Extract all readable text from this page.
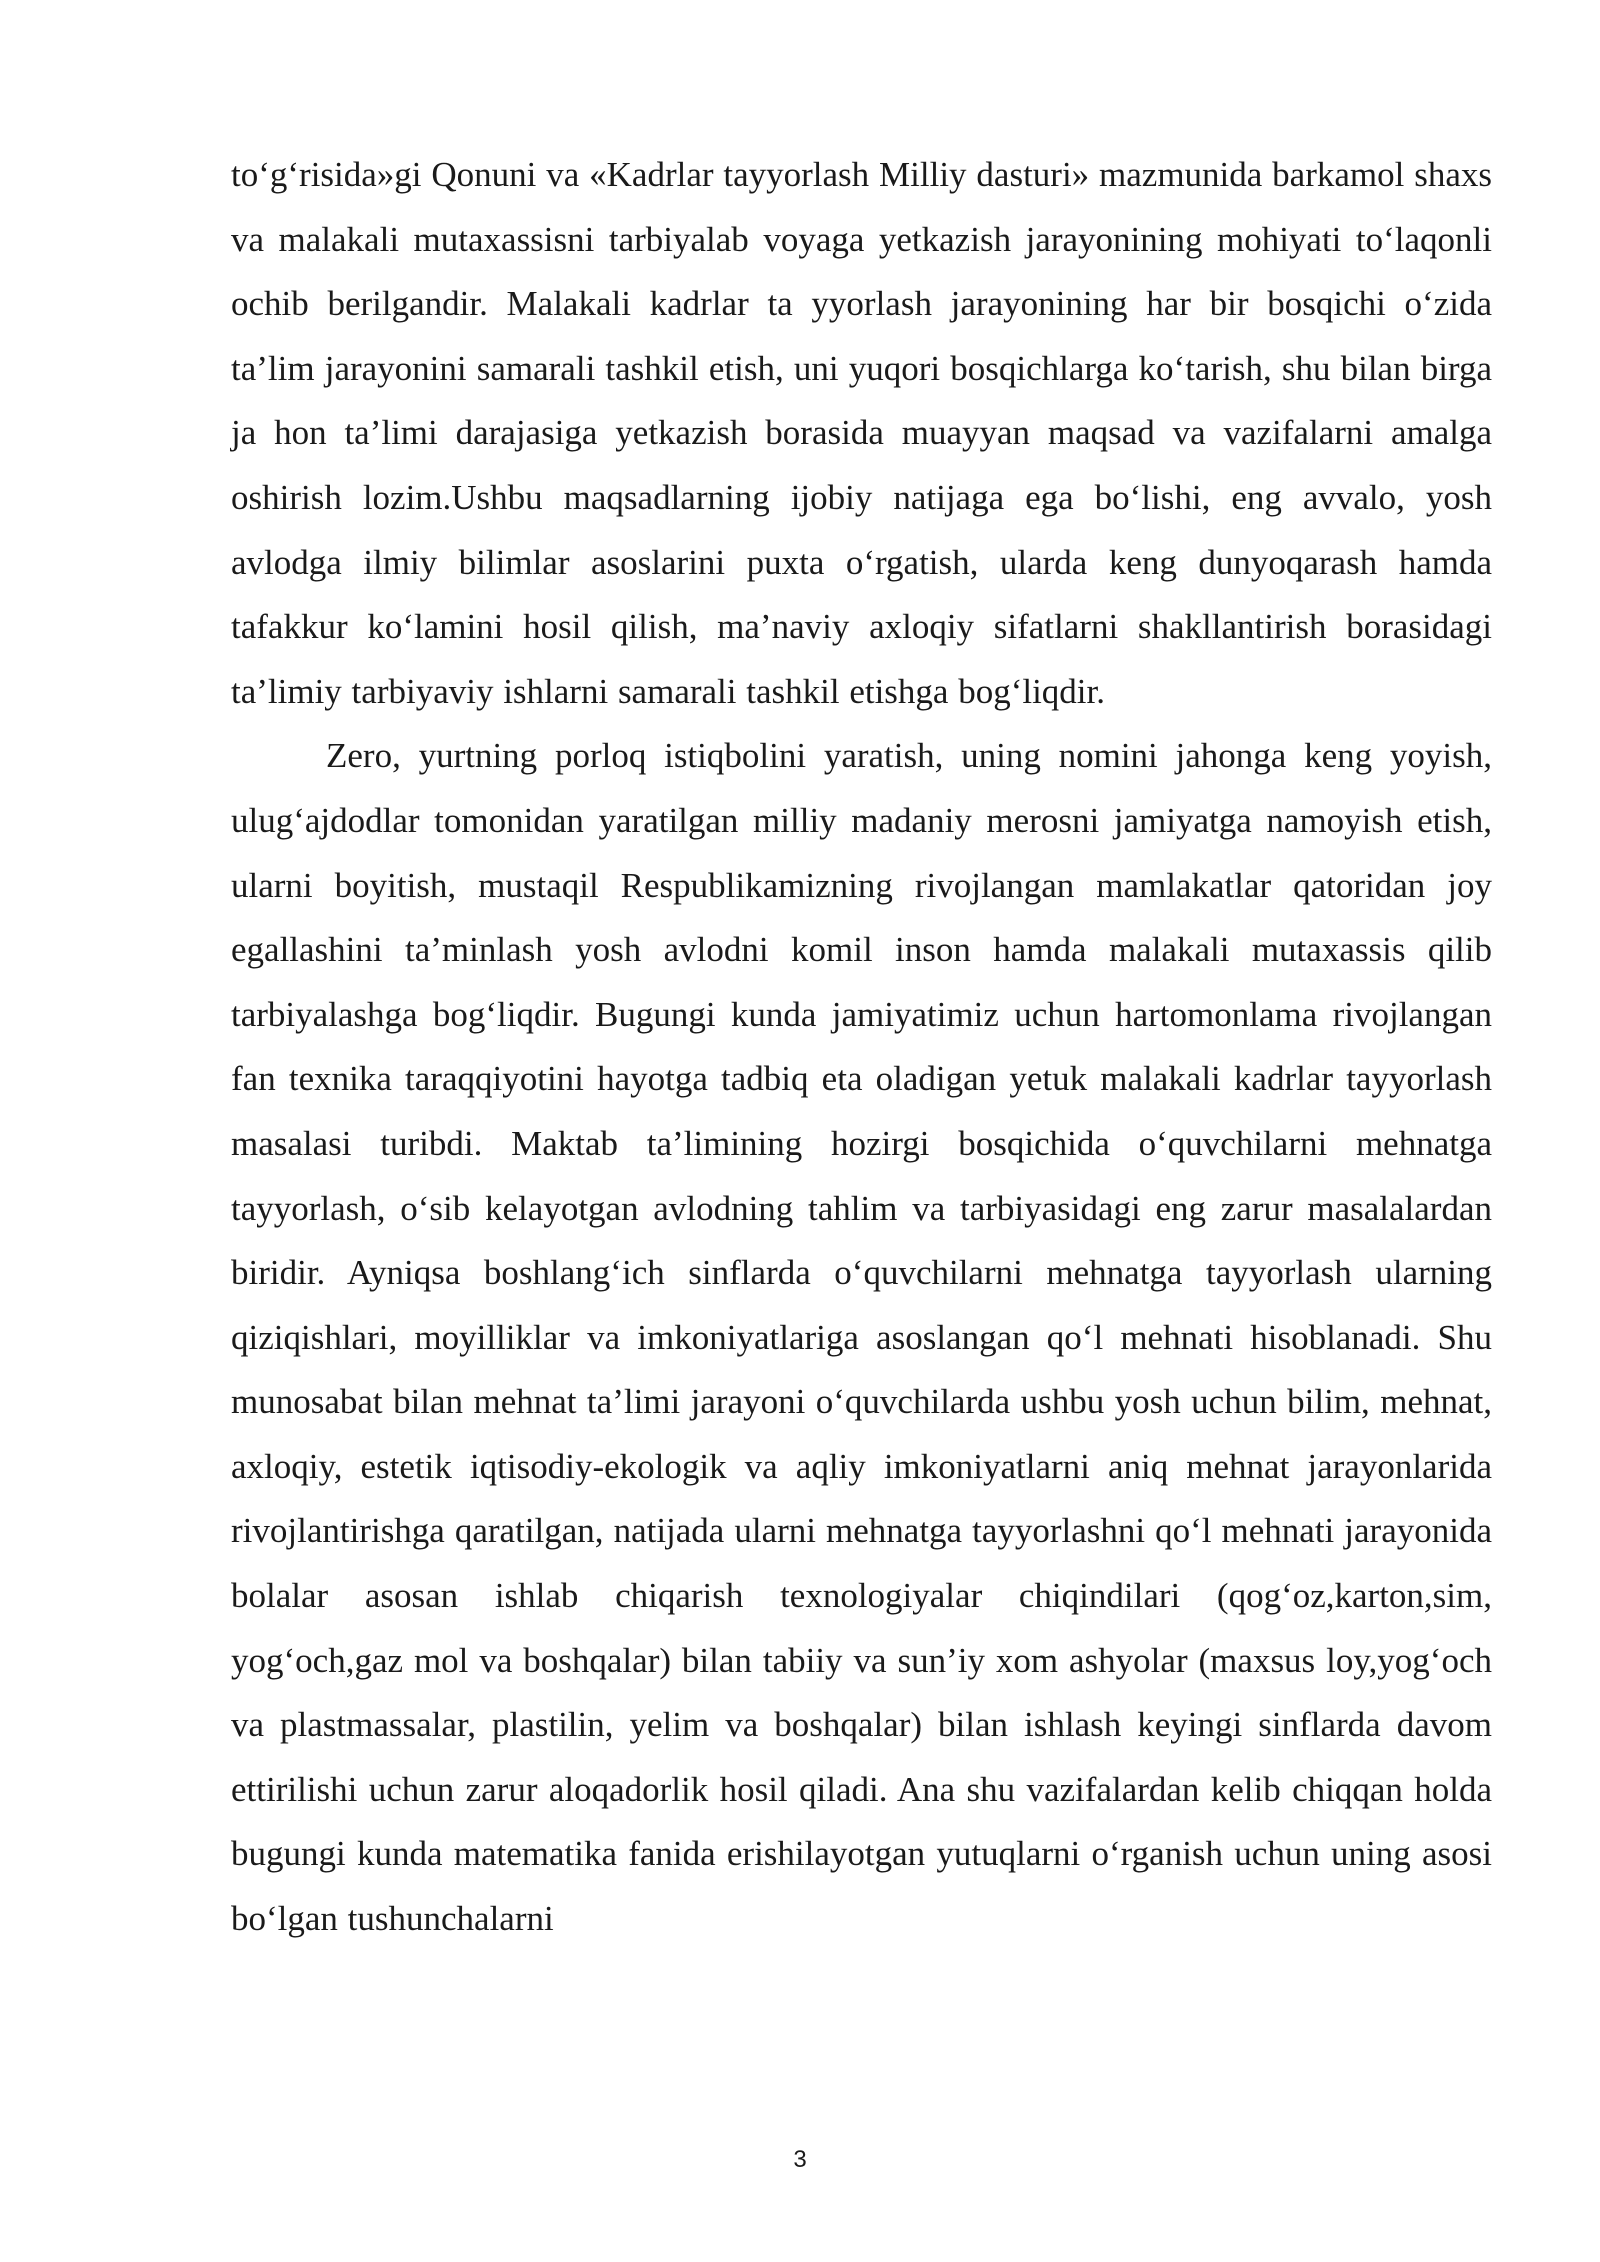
to‘g‘risida»gi Qonuni va «Kadrlar tayyorlash Milliy dasturi» mazmunida barkamol shaxs va malakali mutaxassisni tarbiyalab voyaga yetkazish jarayonining mohiyati to‘laqonli ochib berilgandir. Malakali kadrlar ta yyorlash jarayonining har bir bosqichi o‘zida ta’lim jarayonini samarali tashkil etish, uni yuqori bosqichlarga ko‘tarish, shu bilan birga ja hon ta’limi darajasiga yetkazish borasida muayyan maqsad va vazifalarni amalga oshirish lozim.Ushbu maqsadlarning ijobiy natijaga ega bo‘lishi, eng avvalo, yosh avlodga ilmiy bilimlar asoslarini puxta o‘rgatish, ularda keng dunyoqarash hamda tafakkur ko‘lamini hosil qilish, ma’naviy axloqiy sifatlarni shakllantirish borasidagi ta’limiy tarbiyaviy ishlarni samarali tashkil etishga bog‘liqdir.

Zero, yurtning porloq istiqbolini yaratish, uning nomini jahonga keng yoyish, ulug‘ajdodlar tomonidan yaratilgan milliy madaniy merosni jamiyatga namoyish etish, ularni boyitish, mustaqil Respublikamizning rivojlangan mamlakatlar qatoridan joy egallashini ta’minlash yosh avlodni komil inson hamda malakali mutaxassis qilib tarbiyalashga bog‘liqdir. Bugungi kunda jamiyatimiz uchun hartomonlama rivojlangan fan texnika taraqqiyotini hayotga tadbiq eta oladigan yetuk malakali kadrlar tayyorlash masalasi turibdi. Maktab ta’limining hozirgi bosqichida o‘quvchilarni mehnatga tayyorlash, o‘sib kelayotgan avlodning tahlim va tarbiyasidagi eng zarur masalalardan biridir. Ayniqsa boshlang‘ich sinflarda o‘quvchilarni mehnatga tayyorlash ularning qiziqishlari, moyilliklar va imkoniyatlariga asoslangan qo‘l mehnati hisoblanadi. Shu munosabat bilan mehnat ta’limi jarayoni o‘quvchilarda ushbu yosh uchun bilim, mehnat, axloqiy, estetik iqtisodiy-ekologik va aqliy imkoniyatlarni aniq mehnat jarayonlarida rivojlantirishga qaratilgan, natijada ularni mehnatga tayyorlashni qo‘l mehnati jarayonida bolalar asosan ishlab chiqarish texnologiyalar chiqindilari (qog‘oz,karton,sim, yog‘och,gaz mol va boshqalar) bilan tabiiy va sun’iy xom ashyolar (maxsus loy,yog‘och va plastmassalar, plastilin, yelim va boshqalar) bilan ishlash keyingi sinflarda davom ettirilishi uchun zarur aloqadorlik hosil qiladi. Ana shu vazifalardan kelib chiqqan holda bugungi kunda matematika fanida erishilayotgan yutuqlarni o‘rganish uchun uning asosi bo‘lgan tushunchalarni

3
